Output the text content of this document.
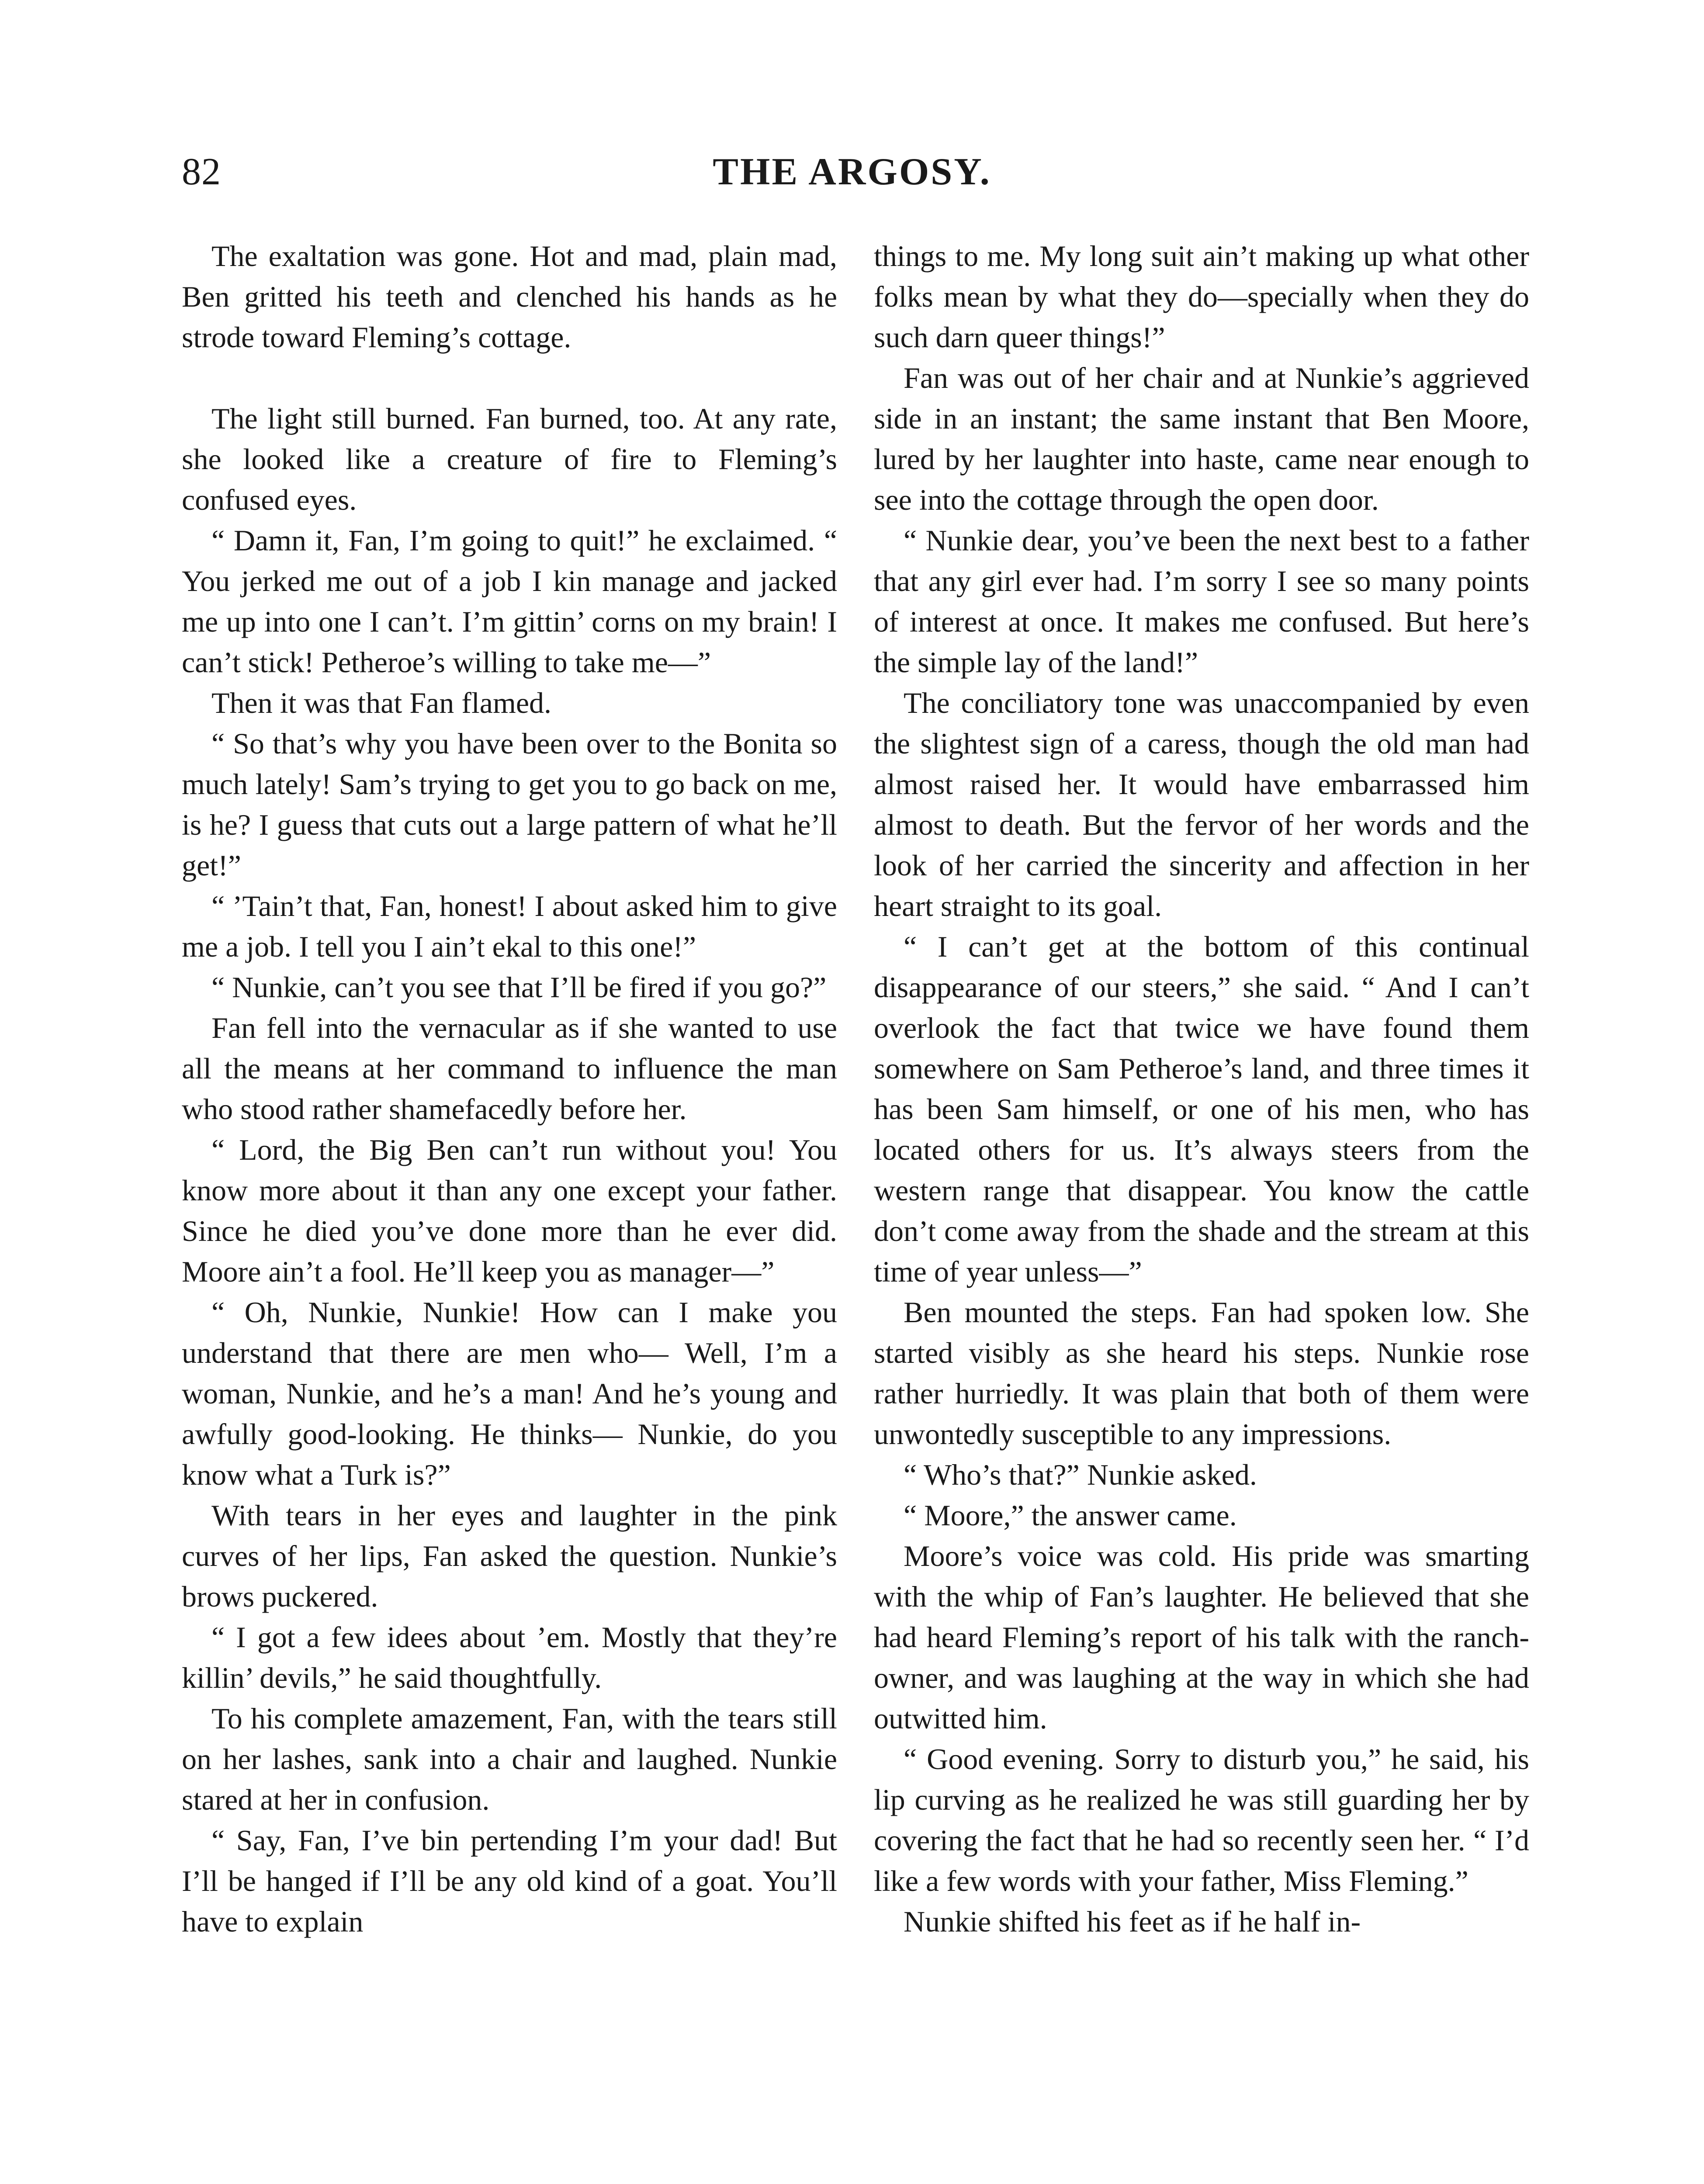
82	THE ARGOSY.

The exaltation was gone. Hot and mad, plain mad, Ben gritted his teeth and clenched his hands as he strode toward Fleming’s cottage.

The light still burned. Fan burned, too. At any rate, she looked like a creature of fire to Fleming’s confused eyes.

“ Damn it, Fan, I’m going to quit!” he exclaimed. “ You jerked me out of a job I kin manage and jacked me up into one I can’t. I’m gittin’ corns on my brain! I can’t stick! Petheroe’s willing to take me—”

Then it was that Fan flamed.

“ So that’s why you have been over to the Bonita so much lately! Sam’s trying to get you to go back on me, is he? I guess that cuts out a large pattern of what he’ll get!”

“ ’Tain’t that, Fan, honest! I about asked him to give me a job. I tell you I ain’t ekal to this one!”

“ Nunkie, can’t you see that I’ll be fired if you go?”

Fan fell into the vernacular as if she wanted to use all the means at her command to influence the man who stood rather shamefacedly before her.

“ Lord, the Big Ben can’t run without you! You know more about it than any one except your father. Since he died you’ve done more than he ever did. Moore ain’t a fool. He’ll keep you as manager—”

“ Oh, Nunkie, Nunkie! How can I make you understand that there are men who— Well, I’m a woman, Nunkie, and he’s a man! And he’s young and awfully good-looking. He thinks— Nunkie, do you know what a Turk is?”

With tears in her eyes and laughter in the pink curves of her lips, Fan asked the question. Nunkie’s brows puckered.

“ I got a few idees about ’em. Mostly that they’re killin’ devils,” he said thoughtfully.

To his complete amazement, Fan, with the tears still on her lashes, sank into a chair and laughed. Nunkie stared at her in confusion.

“ Say, Fan, I’ve bin pertending I’m your dad! But I’ll be hanged if I’ll be any old kind of a goat. You’ll have to explain

things to me. My long suit ain’t making up what other folks mean by what they do—specially when they do such darn queer things!”

Fan was out of her chair and at Nunkie’s aggrieved side in an instant; the same instant that Ben Moore, lured by her laughter into haste, came near enough to see into the cottage through the open door.

“ Nunkie dear, you’ve been the next best to a father that any girl ever had. I’m sorry I see so many points of interest at once. It makes me confused. But here’s the simple lay of the land!”

The conciliatory tone was unaccompanied by even the slightest sign of a caress, though the old man had almost raised her. It would have embarrassed him almost to death. But the fervor of her words and the look of her carried the sincerity and affection in her heart straight to its goal.

“ I can’t get at the bottom of this continual disappearance of our steers,” she said. “ And I can’t overlook the fact that twice we have found them somewhere on Sam Petheroe’s land, and three times it has been Sam himself, or one of his men, who has located others for us. It’s always steers from the western range that disappear. You know the cattle don’t come away from the shade and the stream at this time of year unless—”

Ben mounted the steps. Fan had spoken low. She started visibly as she heard his steps. Nunkie rose rather hurriedly. It was plain that both of them were unwontedly susceptible to any impressions.

“ Who’s that?” Nunkie asked.

“ Moore,” the answer came.

Moore’s voice was cold. His pride was smarting with the whip of Fan’s laughter. He believed that she had heard Fleming’s report of his talk with the ranch-owner, and was laughing at the way in which she had outwitted him.

“ Good evening. Sorry to disturb you,” he said, his lip curving as he realized he was still guarding her by covering the fact that he had so recently seen her. “ I’d like a few words with your father, Miss Fleming.”

Nunkie shifted his feet as if he half in-
